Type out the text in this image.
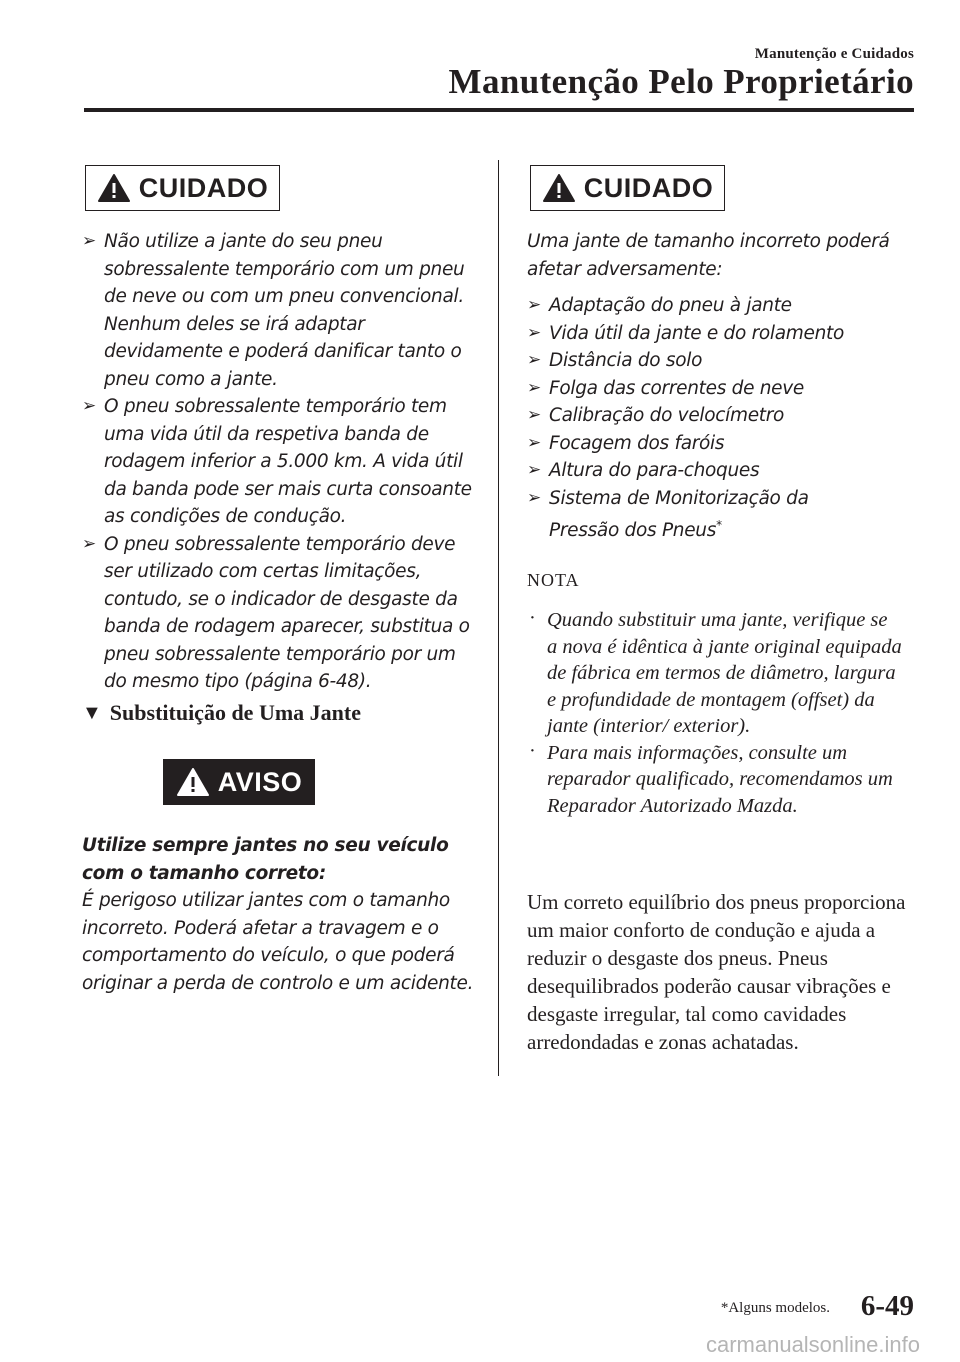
Manutenção e Cuidados
Manutenção Pelo Proprietário
CUIDADO

➢ Não utilize a jante do seu pneu sobressalente temporário com um pneu de neve ou com um pneu convencional. Nenhum deles se irá adaptar devidamente e poderá danificar tanto o pneu como a jante.

➢ O pneu sobressalente temporário tem uma vida útil da respetiva banda de rodagem inferior a 5.000 km. A vida útil da banda pode ser mais curta consoante as condições de condução.

➢ O pneu sobressalente temporário deve ser utilizado com certas limitações, contudo, se o indicador de desgaste da banda de rodagem aparecer, substitua o pneu sobressalente temporário por um do mesmo tipo (página 6-48).

▼ Substituição de Uma Jante
AVISO
Utilize sempre jantes no seu veículo com o tamanho correto:
É perigoso utilizar jantes com o tamanho incorreto. Poderá afetar a travagem e o comportamento do veículo, o que poderá originar a perda de controlo e um acidente.
CUIDADO
Uma jante de tamanho incorreto poderá afetar adversamente:

➢ Adaptação do pneu à jante

➢ Vida útil da jante e do rolamento

➢ Distância do solo

➢ Folga das correntes de neve

➢ Calibração do velocímetro

➢ Focagem dos faróis

➢ Altura do para-choques

➢ Sistema de Monitorização da Pressão dos Pneus*

NOTA
· Quando substituir uma jante, verifique se a nova é idêntica à jante original equipada de fábrica em termos de diâmetro, largura e profundidade de montagem (offset) da jante (interior/ exterior).
· Para mais informações, consulte um reparador qualificado, recomendamos um Reparador Autorizado Mazda.
Um correto equilíbrio dos pneus proporciona um maior conforto de condução e ajuda a reduzir o desgaste dos pneus. Pneus desequilibrados poderão causar vibrações e desgaste irregular, tal como cavidades arredondadas e zonas achatadas.
*Alguns modelos. 6-49
carmanualsonline.info
